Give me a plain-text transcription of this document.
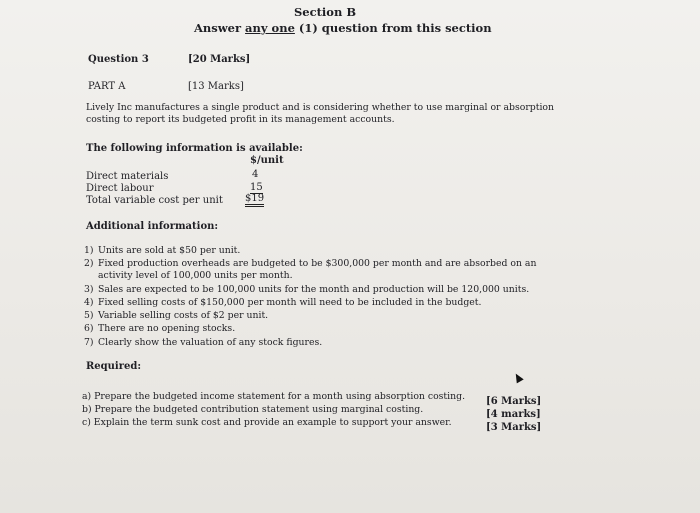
Section B
Answer any one (1) question from this section
Question 3	[20 Marks]
PART A	[13 Marks]
Lively Inc manufactures a single product and is considering whether to use marginal or absorption
costing to report its budgeted profit in its management accounts.
The following information is available:
$/unit
Direct materials	4
Direct labour	15
Total variable cost per unit $19
Additional information:
1) Units are sold at $50 per unit.
2) Fixed production overheads are budgeted to be $300,000 per month and are absorbed on an
activity level of 100,000 units per month.
3) Sales are expected to be 100,000 units for the month and production will be 120,000 units.
4) Fixed selling costs of $150,000 per month will need to be included in the budget.
5) Variable selling costs of $2 per unit.
6) There are no opening stocks.
7) Clearly show the valuation of any stock figures.
Required:
a) Prepare the budgeted income statement for a month using absorption costing. [6 Marks]
b) Prepare the budgeted contribution statement using marginal costing.	[4 marks]
c) Explain the term sunk cost and provide an example to support your answer.	[3 Marks]
